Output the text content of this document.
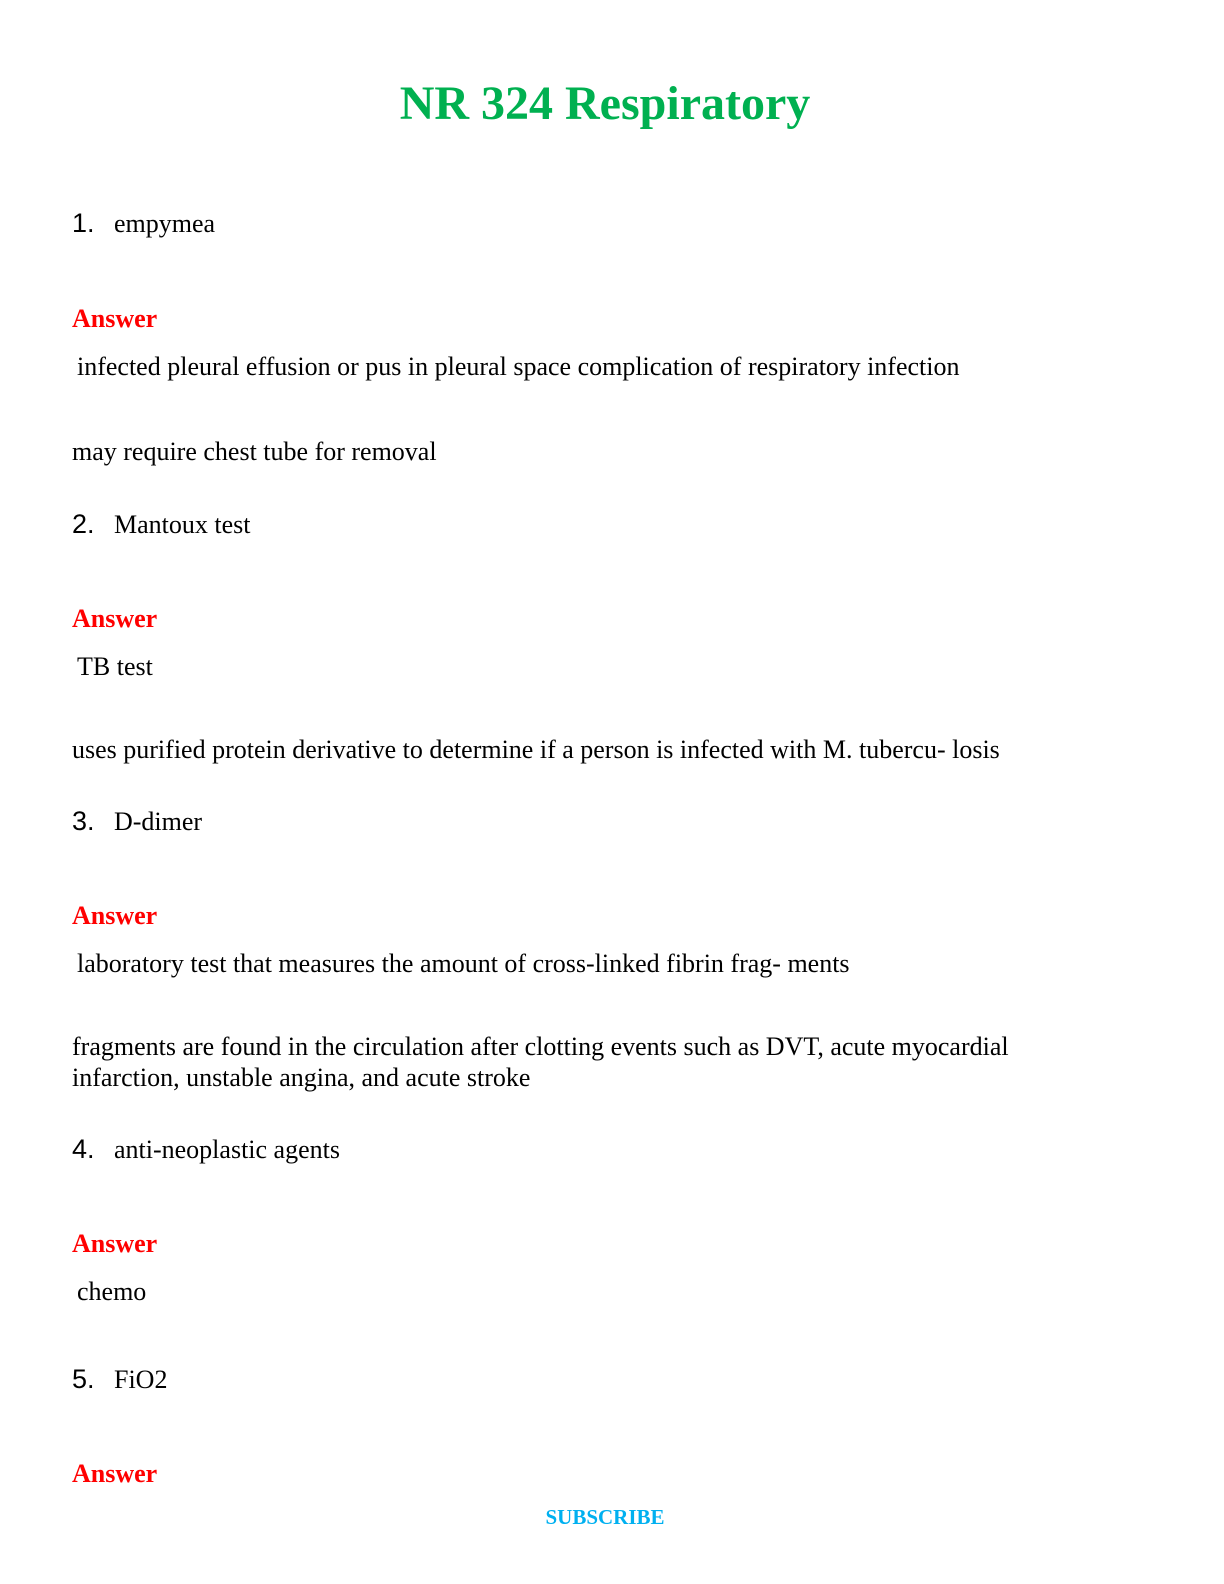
NR 324 Respiratory
1. empymea
Answer
infected pleural effusion or pus in pleural space complication of respiratory infection
may require chest tube for removal
2. Mantoux test
Answer
TB test
uses purified protein derivative to determine if a person is infected with M. tubercu- losis
3. D-dimer
Answer
laboratory test that measures the amount of cross-linked fibrin frag- ments
fragments are found in the circulation after clotting events such as DVT, acute myocardial infarction, unstable angina, and acute stroke
4. anti-neoplastic agents
Answer
chemo
5. FiO2
Answer
SUBSCRIBE
